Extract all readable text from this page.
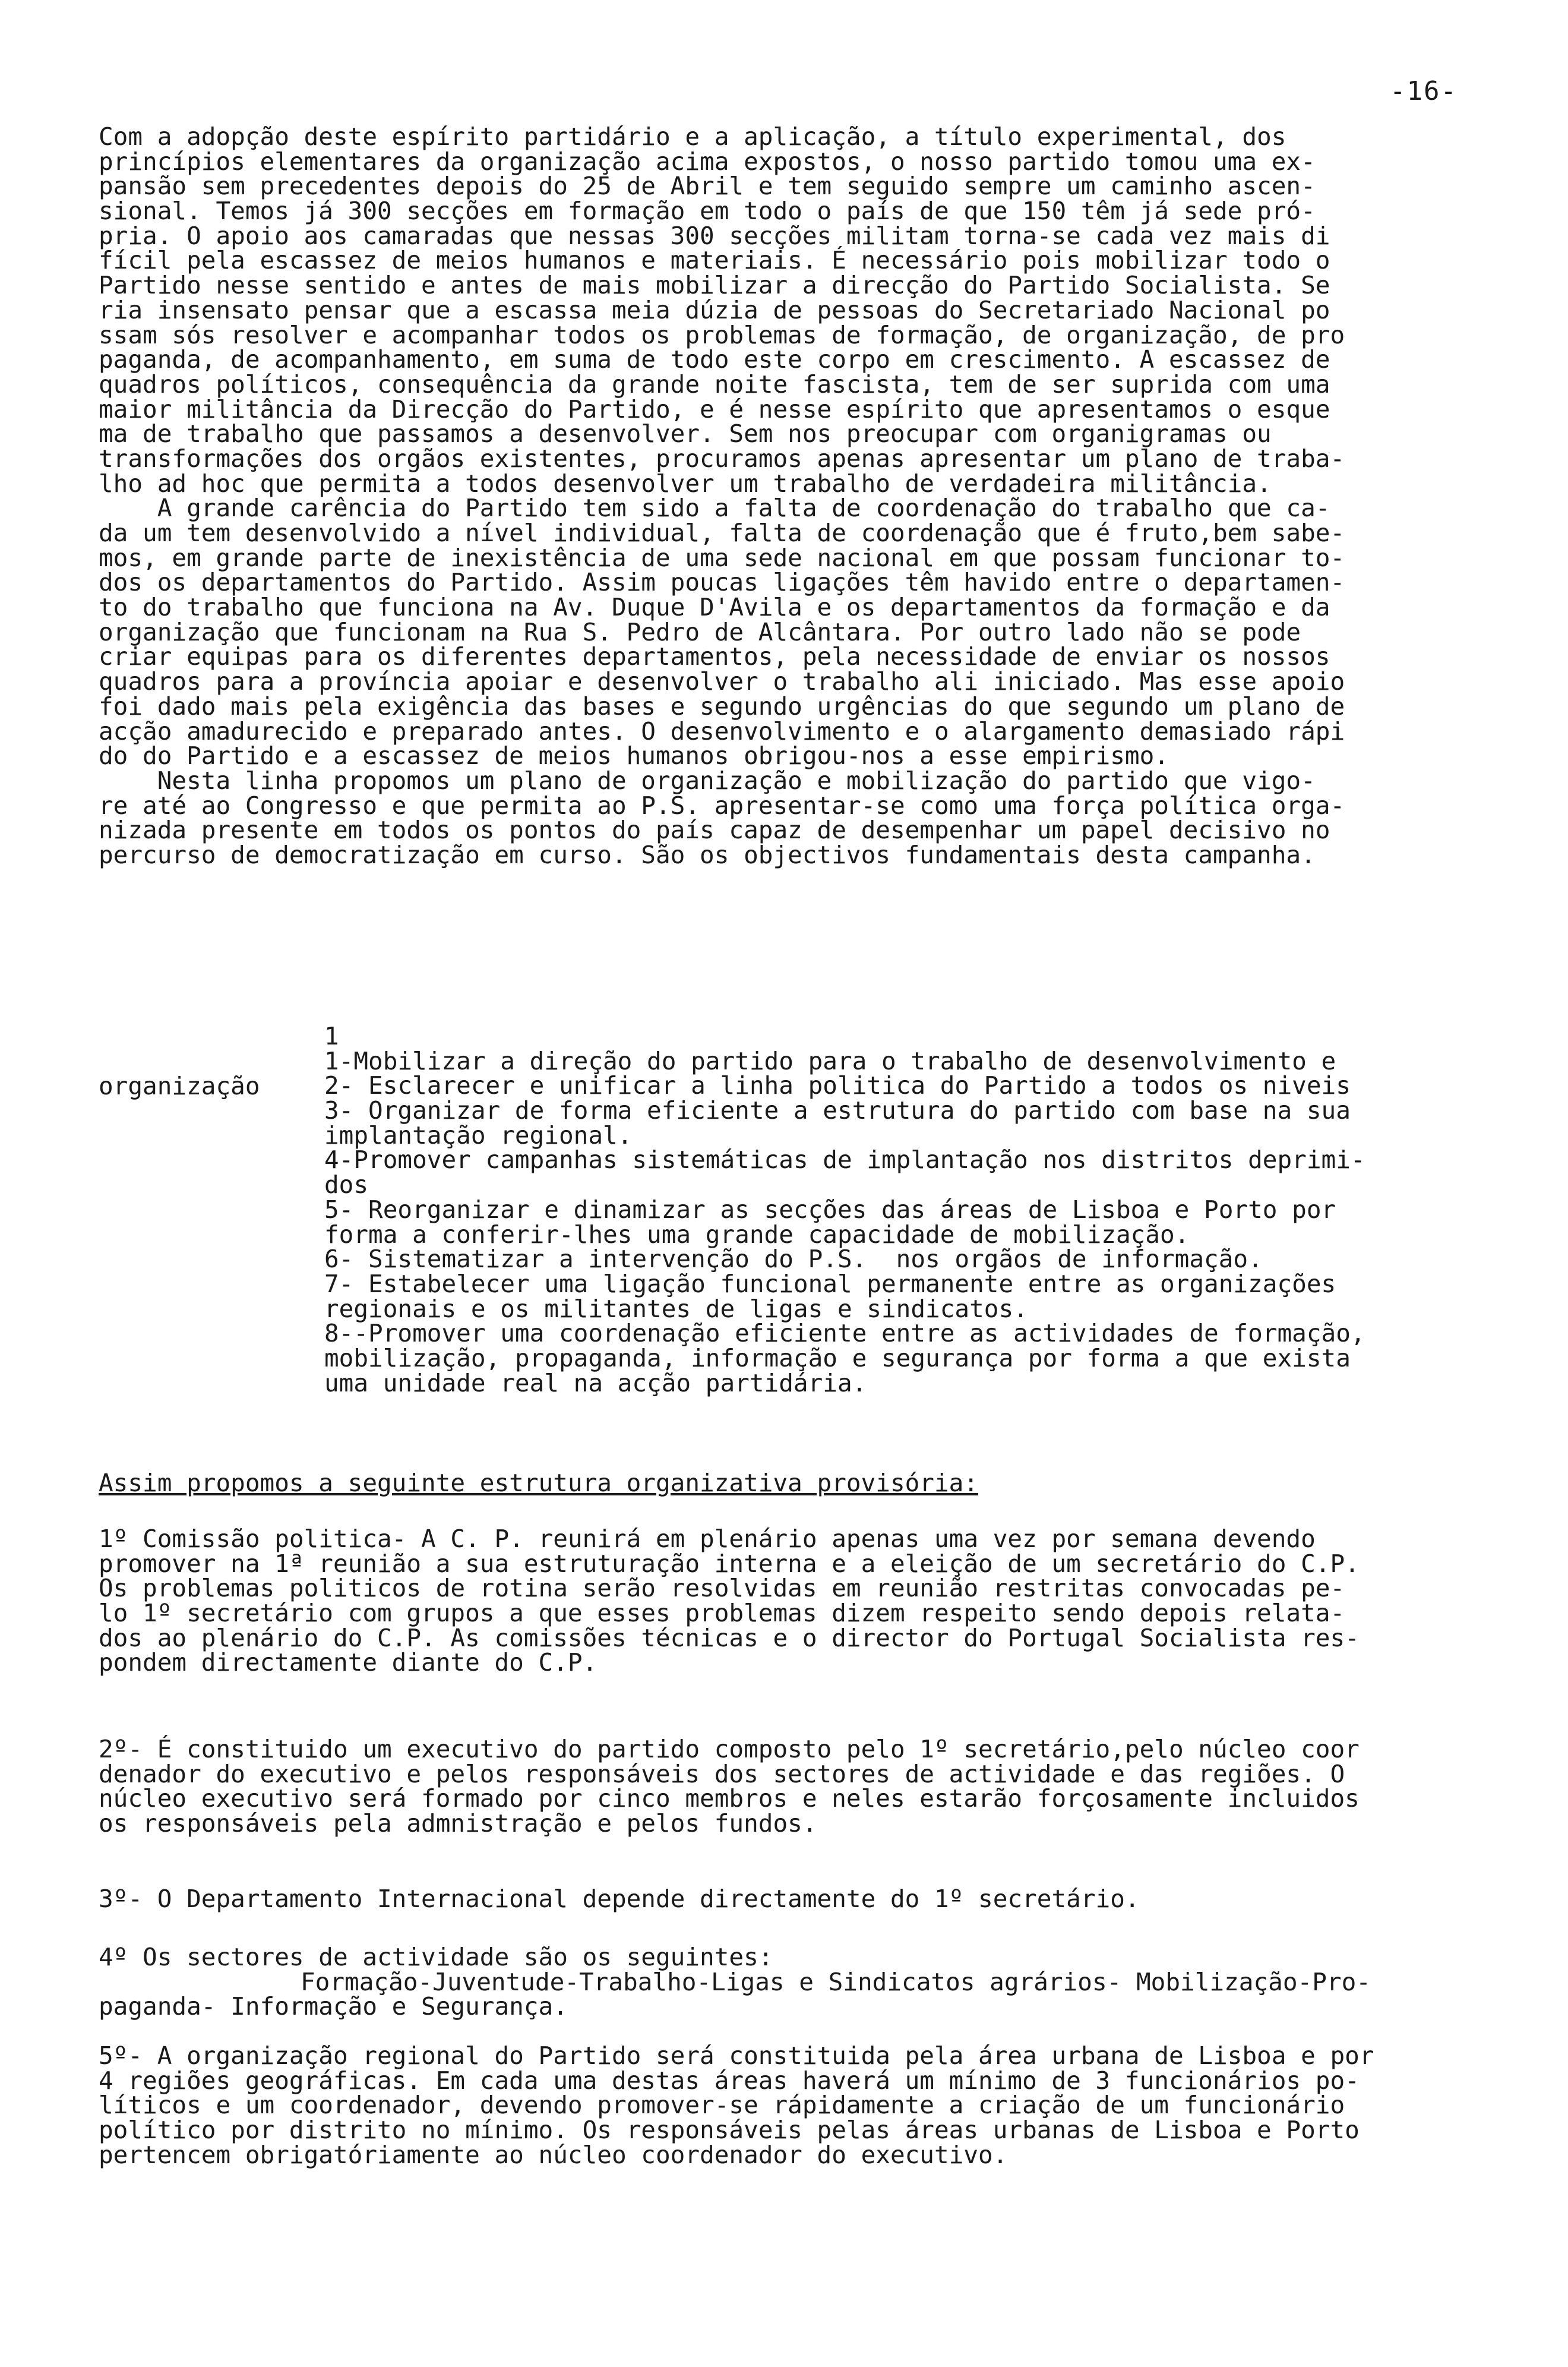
-16-
Com a adopção deste espírito partidário e a aplicação, a título experimental, dos
princípios elementares da organização acima expostos, o nosso partido tomou uma ex-
pansão sem precedentes depois do 25 de Abril e tem seguido sempre um caminho ascen-
sional. Temos já 300 secções em formação em todo o país de que 150 têm já sede pró-
pria. O apoio aos camaradas que nessas 300 secções militam torna-se cada vez mais di
fícil pela escassez de meios humanos e materiais. É necessário pois mobilizar todo o
Partido nesse sentido e antes de mais mobilizar a direcção do Partido Socialista. Se
ria insensato pensar que a escassa meia dúzia de pessoas do Secretariado Nacional po
ssam sós resolver e acompanhar todos os problemas de formação, de organização, de pro
paganda, de acompanhamento, em suma de todo este corpo em crescimento. A escassez de
quadros políticos, consequência da grande noite fascista, tem de ser suprida com uma
maior militância da Direcção do Partido, e é nesse espírito que apresentamos o esque
ma de trabalho que passamos a desenvolver. Sem nos preocupar com organigramas ou
transformações dos orgãos existentes, procuramos apenas apresentar um plano de traba-
lho ad hoc que permita a todos desenvolver um trabalho de verdadeira militância.
A grande carência do Partido tem sido a falta de coordenação do trabalho que ca-
da um tem desenvolvido a nível individual, falta de coordenação que é fruto,bem sabe-
mos, em grande parte de inexistência de uma sede nacional em que possam funcionar to-
dos os departamentos do Partido. Assim poucas ligações têm havido entre o departamen-
to do trabalho que funciona na Av. Duque D'Avila e os departamentos da formação e da
organização que funcionam na Rua S. Pedro de Alcântara. Por outro lado não se pode
criar equipas para os diferentes departamentos, pela necessidade de enviar os nossos
quadros para a província apoiar e desenvolver o trabalho ali iniciado. Mas esse apoio
foi dado mais pela exigência das bases e segundo urgências do que segundo um plano de
acção amadurecido e preparado antes. O desenvolvimento e o alargamento demasiado rápi
do do Partido e a escassez de meios humanos obrigou-nos a esse empirismo.
Nesta linha propomos um plano de organização e mobilização do partido que vigo-
re até ao Congresso e que permita ao P.S. apresentar-se como uma força política orga-
nizada presente em todos os pontos do país capaz de desempenhar um papel decisivo no
percurso de democratização em curso. São os objectivos fundamentais desta campanha.
organização
1
1-Mobilizar a direção do partido para o trabalho de desenvolvimento e
2- Esclarecer e unificar a linha politica do Partido a todos os niveis
3- Organizar de forma eficiente a estrutura do partido com base na sua
implantação regional.
4-Promover campanhas sistemáticas de implantação nos distritos deprimi-
dos
5- Reorganizar e dinamizar as secções das áreas de Lisboa e Porto por
forma a conferir-lhes uma grande capacidade de mobilização.
6- Sistematizar a intervenção do P.S.  nos orgãos de informação.
7- Estabelecer uma ligação funcional permanente entre as organizações
regionais e os militantes de ligas e sindicatos.
8--Promover uma coordenação eficiente entre as actividades de formação,
mobilização, propaganda, informação e segurança por forma a que exista
uma unidade real na acção partidária.
Assim propomos a seguinte estrutura organizativa provisória:
1º Comissão politica- A C. P. reunirá em plenário apenas uma vez por semana devendo
promover na 1ª reunião a sua estruturação interna e a eleição de um secretário do C.P.
Os problemas politicos de rotina serão resolvidas em reunião restritas convocadas pe-
lo 1º secretário com grupos a que esses problemas dizem respeito sendo depois relata-
dos ao plenário do C.P. As comissões técnicas e o director do Portugal Socialista res-
pondem directamente diante do C.P.
2º- É constituido um executivo do partido composto pelo 1º secretário,pelo núcleo coor
denador do executivo e pelos responsáveis dos sectores de actividade e das regiões. O
núcleo executivo será formado por cinco membros e neles estarão forçosamente incluidos
os responsáveis pela admnistração e pelos fundos.
3º- O Departamento Internacional depende directamente do 1º secretário.
4º Os sectores de actividade são os seguintes:
Formação-Juventude-Trabalho-Ligas e Sindicatos agrários- Mobilização-Pro-
paganda- Informação e Segurança.
5º- A organização regional do Partido será constituida pela área urbana de Lisboa e por
4 regiões geográficas. Em cada uma destas áreas haverá um mínimo de 3 funcionários po-
líticos e um coordenador, devendo promover-se rápidamente a criação de um funcionário
político por distrito no mínimo. Os responsáveis pelas áreas urbanas de Lisboa e Porto
pertencem obrigatóriamente ao núcleo coordenador do executivo.
